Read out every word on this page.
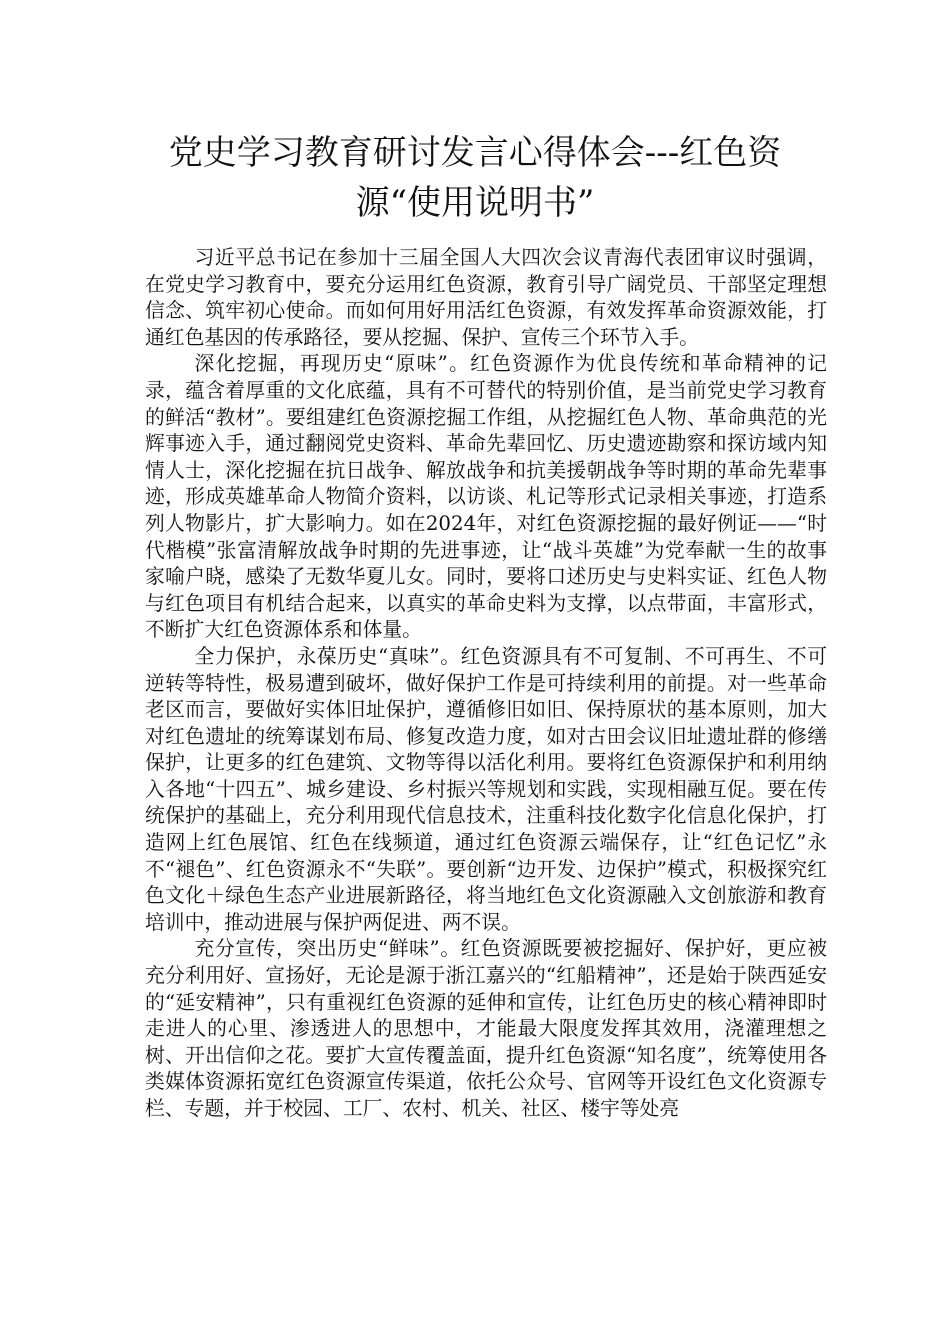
党史学习教育研讨发言心得体会---红色资
源“使用说明书”

习近平总书记在参加十三届全国人大四次会议青海代表团审议时强调，在党史学习教育中，要充分运用红色资源，教育引导广阔党员、干部坚定理想信念、筑牢初心使命。而如何用好用活红色资源，有效发挥革命资源效能，打通红色基因的传承路径，要从挖掘、保护、宣传三个环节入手。

深化挖掘，再现历史“原味”。红色资源作为优良传统和革命精神的记录，蕴含着厚重的文化底蕴，具有不可替代的特别价值，是当前党史学习教育的鲜活“教材”。要组建红色资源挖掘工作组，从挖掘红色人物、革命典范的光辉事迹入手，通过翻阅党史资料、革命先辈回忆、历史遗迹勘察和探访域内知情人士，深化挖掘在抗日战争、解放战争和抗美援朝战争等时期的革命先辈事迹，形成英雄革命人物简介资料，以访谈、札记等形式记录相关事迹，打造系列人物影片，扩大影响力。如在2024年，对红色资源挖掘的最好例证——“时代楷模”张富清解放战争时期的先进事迹，让“战斗英雄”为党奉献一生的故事家喻户晓，感染了无数华夏儿女。同时，要将口述历史与史料实证、红色人物与红色项目有机结合起来，以真实的革命史料为支撑，以点带面，丰富形式，不断扩大红色资源体系和体量。

全力保护，永葆历史“真味”。红色资源具有不可复制、不可再生、不可逆转等特性，极易遭到破坏，做好保护工作是可持续利用的前提。对一些革命老区而言，要做好实体旧址保护，遵循修旧如旧、保持原状的基本原则，加大对红色遗址的统筹谋划布局、修复改造力度，如对古田会议旧址遗址群的修缮保护，让更多的红色建筑、文物等得以活化利用。要将红色资源保护和利用纳入各地“十四五”、城乡建设、乡村振兴等规划和实践，实现相融互促。要在传统保护的基础上，充分利用现代信息技术，注重科技化数字化信息化保护，打造网上红色展馆、红色在线频道，通过红色资源云端保存，让“红色记忆”永不“褪色”、红色资源永不“失联”。要创新“边开发、边保护”模式，积极探究红色文化＋绿色生态产业进展新路径，将当地红色文化资源融入文创旅游和教育培训中，推动进展与保护两促进、两不误。

充分宣传，突出历史“鲜味”。红色资源既要被挖掘好、保护好，更应被充分利用好、宣扬好，无论是源于浙江嘉兴的“红船精神”，还是始于陕西延安的“延安精神”，只有重视红色资源的延伸和宣传，让红色历史的核心精神即时走进人的心里、渗透进人的思想中，才能最大限度发挥其效用，浇灌理想之树、开出信仰之花。要扩大宣传覆盖面，提升红色资源“知名度”，统筹使用各类媒体资源拓宽红色资源宣传渠道，依托公众号、官网等开设红色文化资源专栏、专题，并于校园、工厂、农村、机关、社区、楼宇等处亮
